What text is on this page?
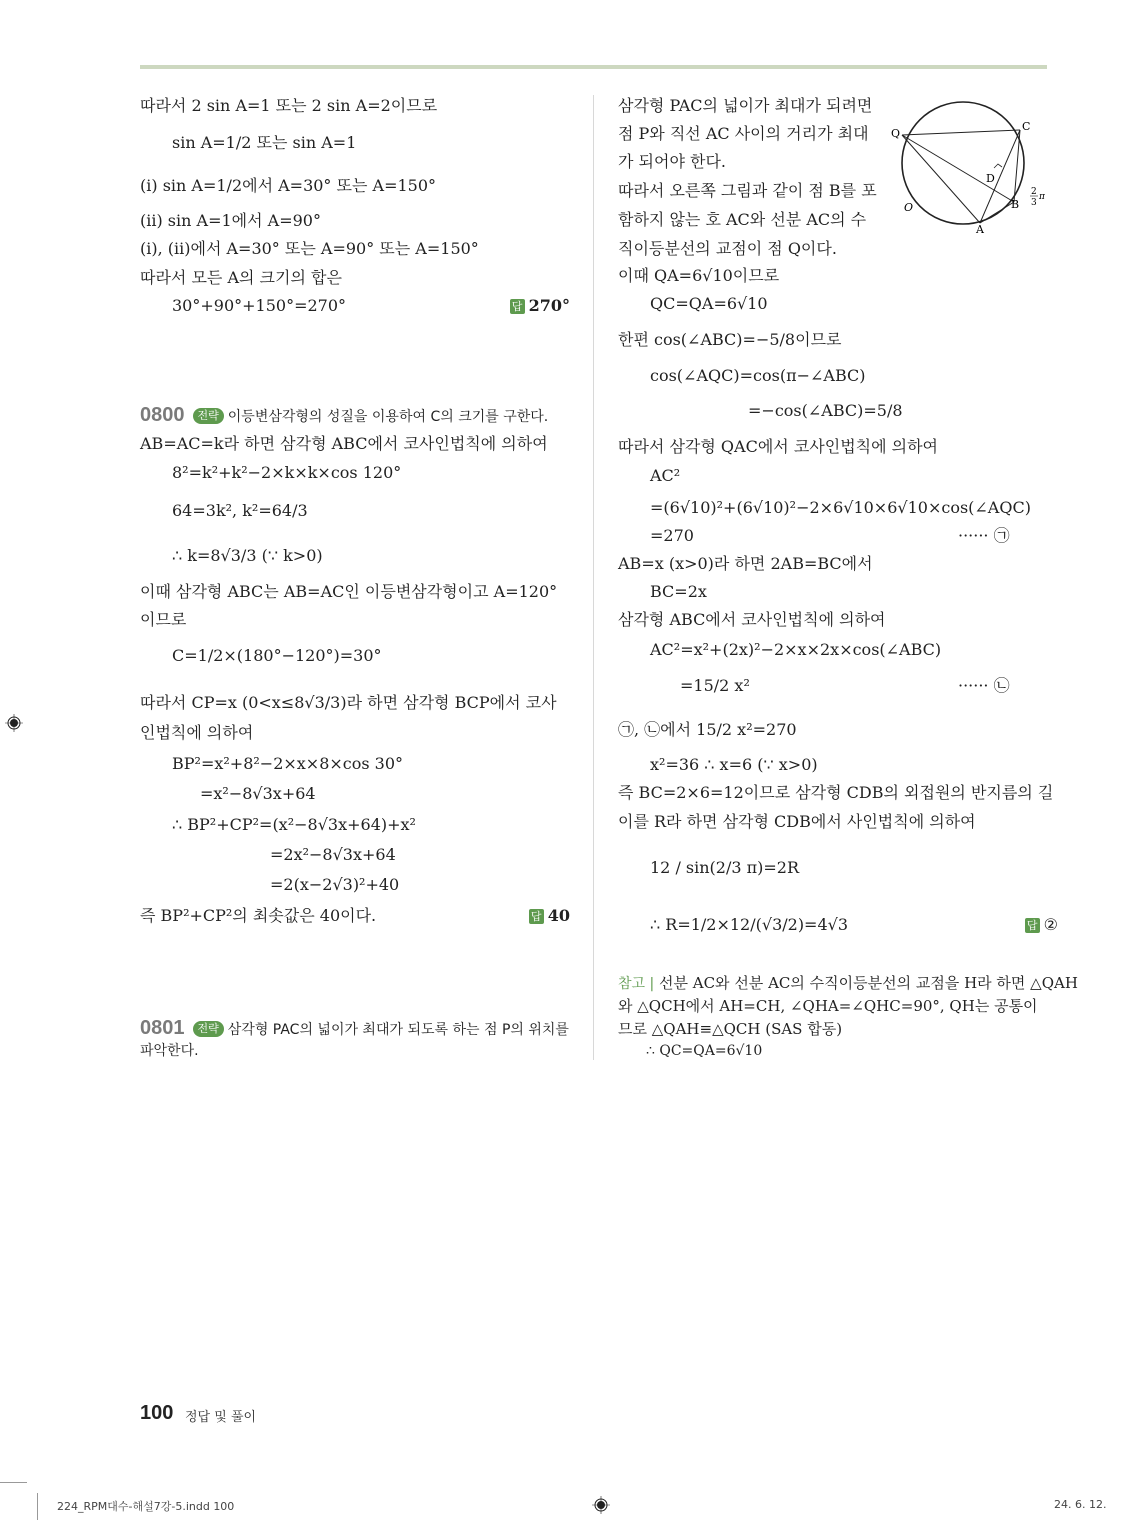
따라서 2 sin A=1 또는 2 sin A=2이므로
sin A=1/2 또는 sin A=1
(i) sin A=1/2에서 A=30° 또는 A=150°
(ii) sin A=1에서 A=90°
(i), (ii)에서 A=30° 또는 A=90° 또는 A=150°
따라서 모든 A의 크기의 합은
30°+90°+150°=270°	답 270°
0800 전략 이등변삼각형의 성질을 이용하여 C의 크기를 구한다.
AB=AC=k라 하면 삼각형 ABC에서 코사인법칙에 의하여
8²=k²+k²−2×k×k×cos 120°
64=3k², k²=64/3
∴ k=8√3/3 (∵ k>0)
이때 삼각형 ABC는 AB=AC인 이등변삼각형이고 A=120°
이므로
C=1/2×(180°−120°)=30°
따라서 CP=x (0<x≤8√3/3)라 하면 삼각형 BCP에서 코사
인법칙에 의하여
BP²=x²+8²−2×x×8×cos 30°
=x²−8√3x+64
∴ BP²+CP²=(x²−8√3x+64)+x²
=2x²−8√3x+64
=2(x−2√3)²+40
즉 BP²+CP²의 최솟값은 40이다.	답 40
0801 전략 삼각형 PAC의 넓이가 최대가 되도록 하는 점 P의 위치를
파악한다.
삼각형 PAC의 넓이가 최대가 되려면
점 P와 직선 AC 사이의 거리가 최대
가 되어야 한다.
따라서 오른쪽 그림과 같이 점 B를 포
함하지 않는 호 AC와 선분 AC의 수
직이등분선의 교점이 점 Q이다.
이때 QA=6√10이므로
QC=QA=6√10
한편 cos(∠ABC)=−5/8이므로
cos(∠AQC)=cos(π−∠ABC)
=−cos(∠ABC)=5/8
따라서 삼각형 QAC에서 코사인법칙에 의하여
AC²
=(6√10)²+(6√10)²−2×6√10×6√10×cos(∠AQC)
=270	······ ㉠
AB=x (x>0)라 하면 2AB=BC에서
BC=2x
삼각형 ABC에서 코사인법칙에 의하여
AC²=x²+(2x)²−2×x×2x×cos(∠ABC)
=15/2 x²	······ ㉡
㉠, ㉡에서 15/2 x²=270
x²=36 ∴ x=6 (∵ x>0)
즉 BC=2×6=12이므로 삼각형 CDB의 외접원의 반지름의 길
이를 R라 하면 삼각형 CDB에서 사인법칙에 의하여
12 / sin(2/3 π)=2R
∴ R=1/2×12/(√3/2)=4√3	답 ②
참고 | 선분 AC와 선분 AC의 수직이등분선의 교점을 H라 하면 △QAH
와 △QCH에서 AH=CH, ∠QHA=∠QHC=90°, QH는 공통이
므로 △QAH≡△QCH (SAS 합동)
∴ QC=QA=6√10
Q
C
D
B
A
O
2
3
π
100 정답 및 풀이
224_RPM대수-해설7강-5.indd 100	24. 6. 12.
